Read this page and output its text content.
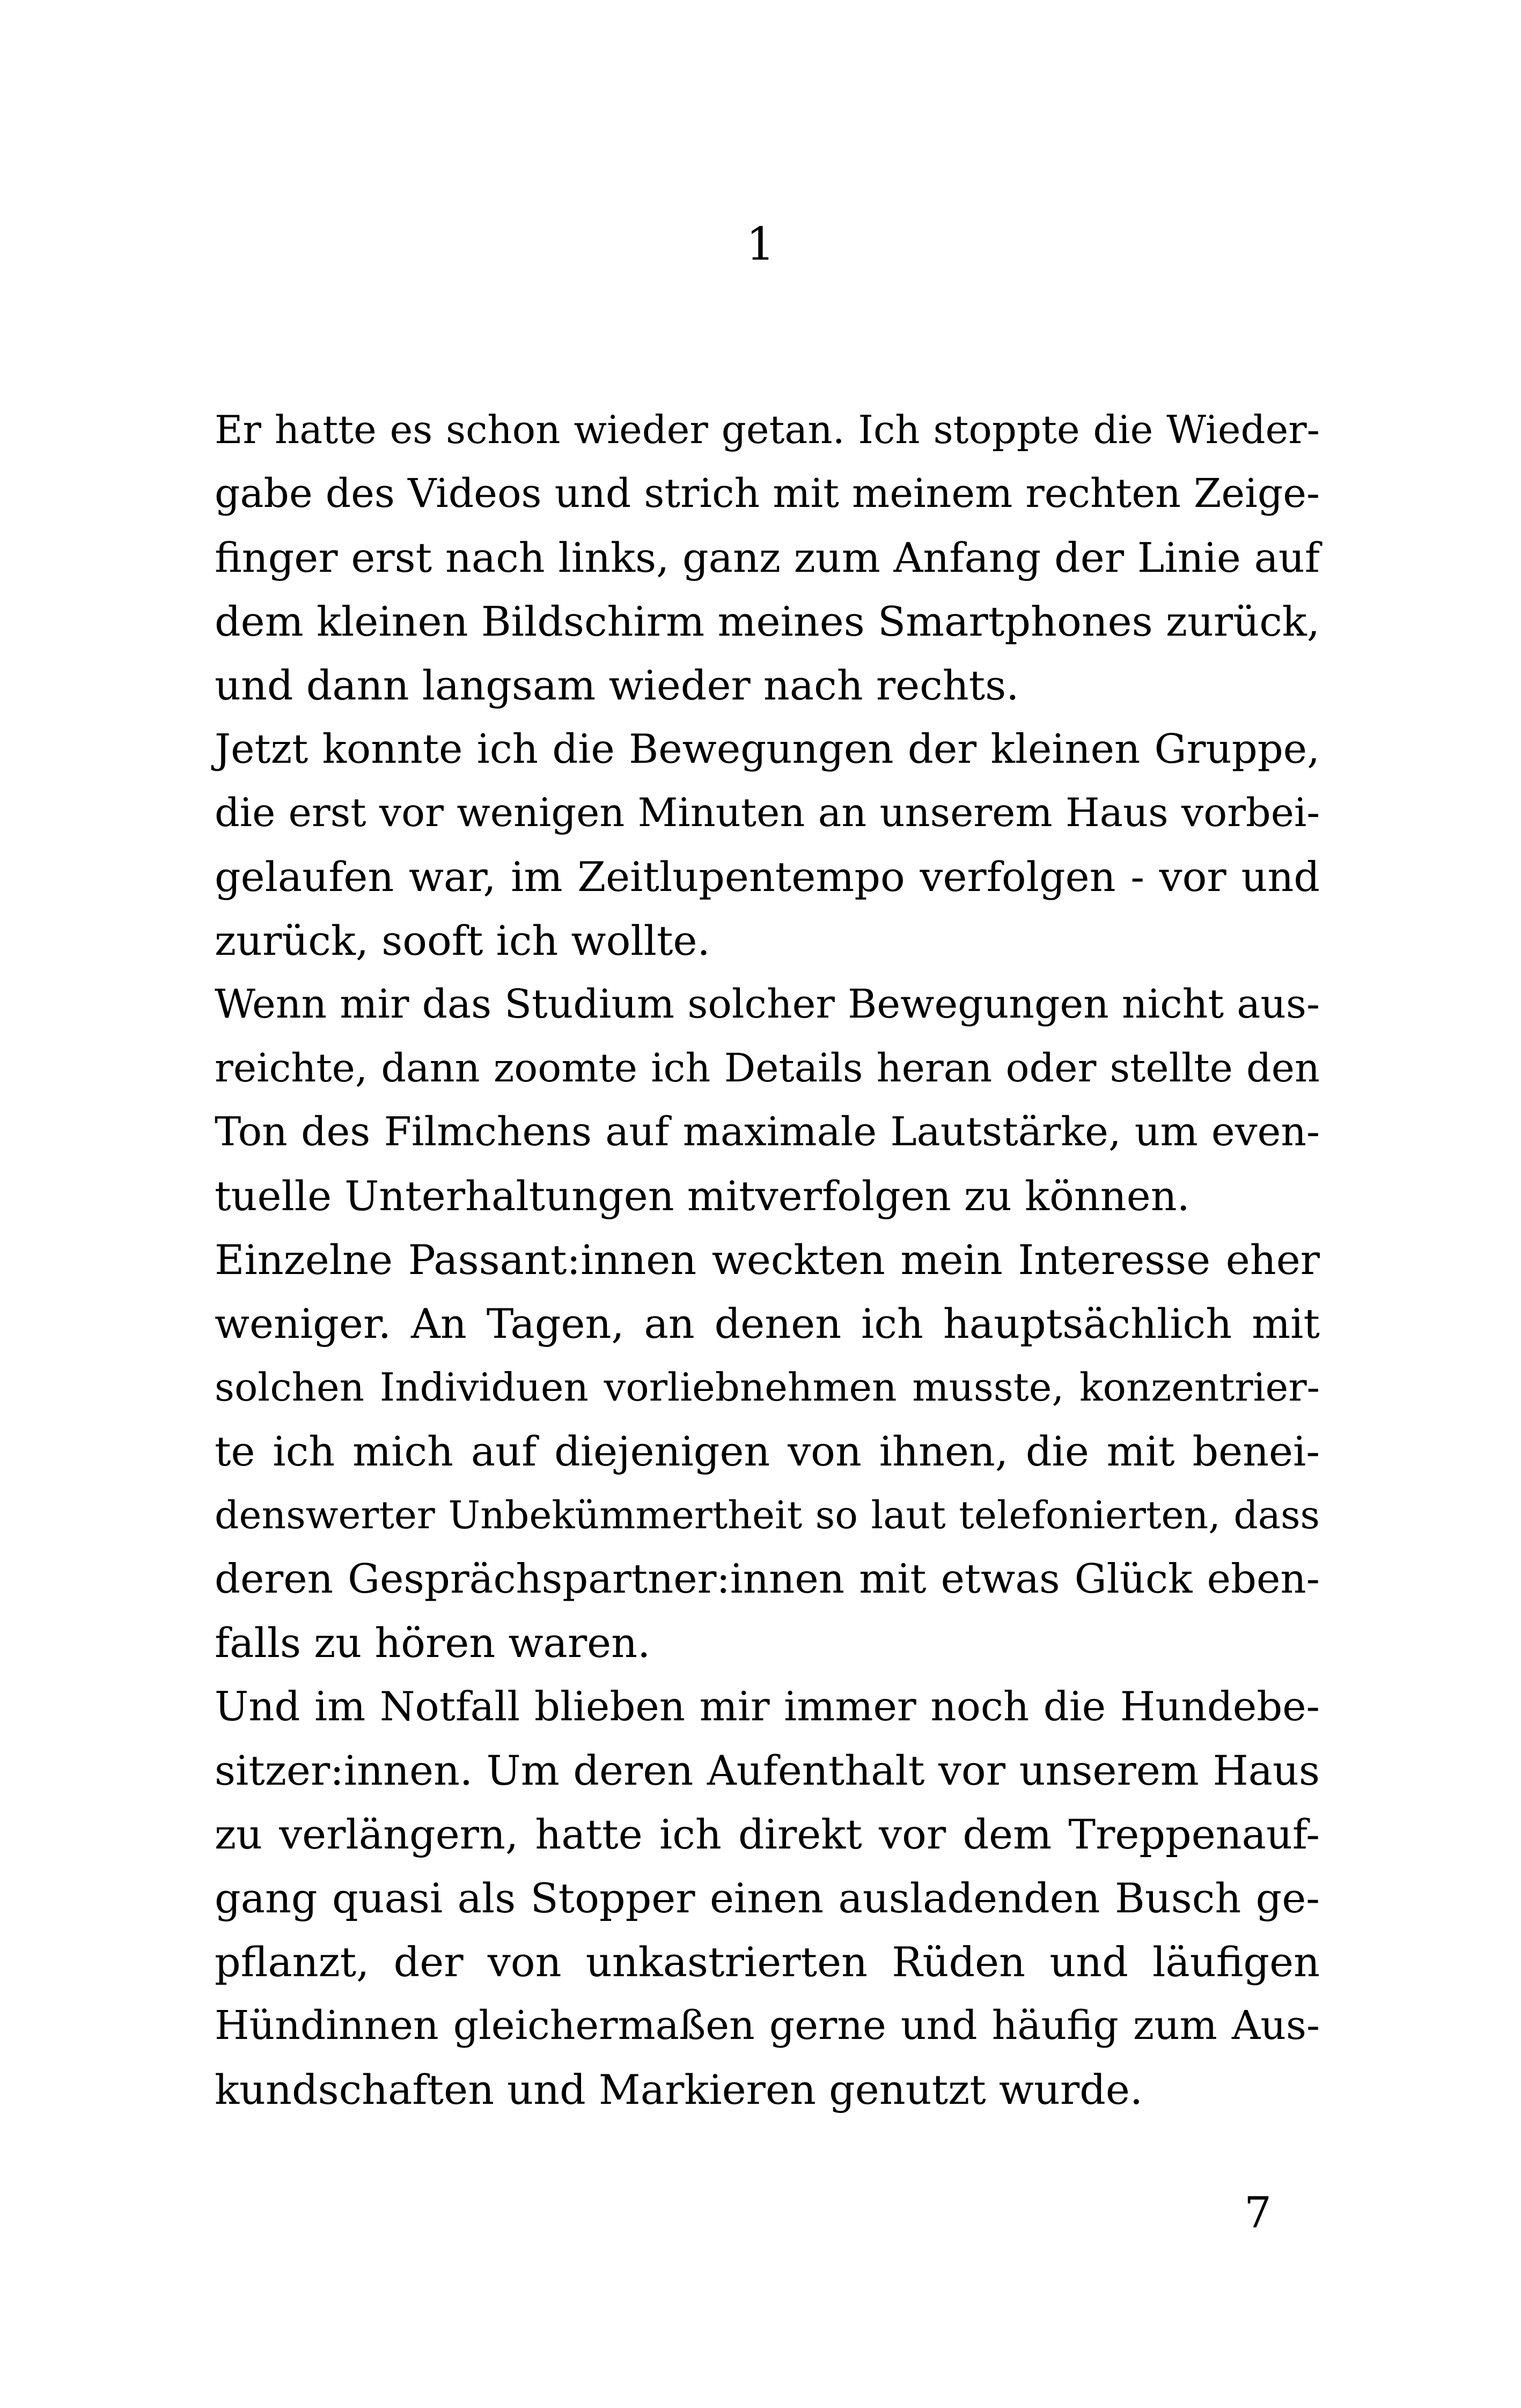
1
Er hatte es schon wieder getan. Ich stoppte die Wieder-
gabe des Videos und strich mit meinem rechten Zeige-
finger erst nach links, ganz zum Anfang der Linie auf
dem kleinen Bildschirm meines Smartphones zurück,
und dann langsam wieder nach rechts.
Jetzt konnte ich die Bewegungen der kleinen Gruppe,
die erst vor wenigen Minuten an unserem Haus vorbei-
gelaufen war, im Zeitlupentempo verfolgen - vor und
zurück, sooft ich wollte.
Wenn mir das Studium solcher Bewegungen nicht aus-
reichte, dann zoomte ich Details heran oder stellte den
Ton des Filmchens auf maximale Lautstärke, um even-
tuelle Unterhaltungen mitverfolgen zu können.
Einzelne Passant:innen weckten mein Interesse eher
weniger. An Tagen, an denen ich hauptsächlich mit
solchen Individuen vorliebnehmen musste, konzentrier-
te ich mich auf diejenigen von ihnen, die mit benei-
denswerter Unbekümmertheit so laut telefonierten, dass
deren Gesprächspartner:innen mit etwas Glück eben-
falls zu hören waren.
Und im Notfall blieben mir immer noch die Hundebe-
sitzer:innen. Um deren Aufenthalt vor unserem Haus
zu verlängern, hatte ich direkt vor dem Treppenauf-
gang quasi als Stopper einen ausladenden Busch ge-
pflanzt, der von unkastrierten Rüden und läufigen
Hündinnen gleichermaßen gerne und häufig zum Aus-
kundschaften und Markieren genutzt wurde.
7
